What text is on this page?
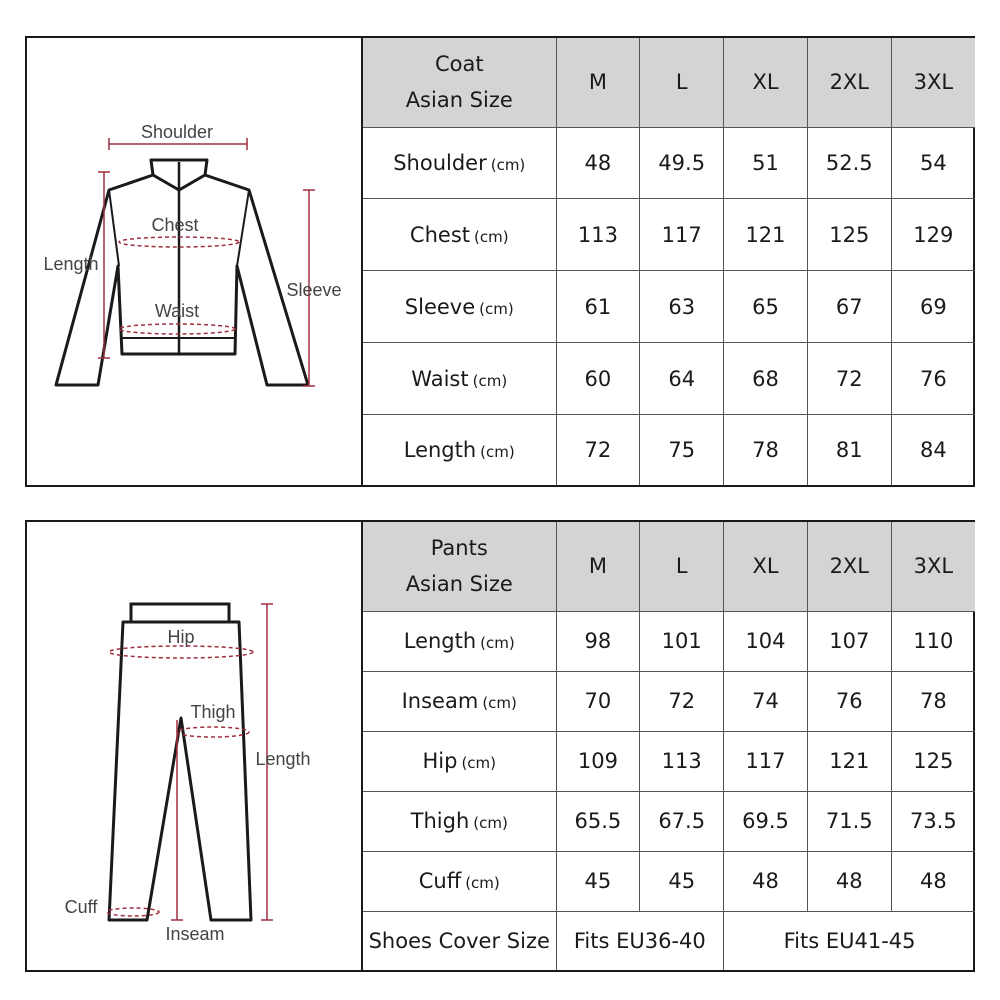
Shoulder
Chest
Waist
Length
Sleeve
Coat
Asian Size	M	L	XL	2XL	3XL
Shoulder (cm)	48	49.5	51	52.5	54
Chest (cm)	113	117	121	125	129
Sleeve (cm)	61	63	65	67	69
Waist (cm)	60	64	68	72	76
Length (cm)	72	75	78	81	84
Hip
Thigh
Length
Inseam
Cuff
Pants
Asian Size	M	L	XL	2XL	3XL
Length (cm)	98	101	104	107	110
Inseam (cm)	70	72	74	76	78
Hip (cm)	109	113	117	121	125
Thigh (cm)	65.5	67.5	69.5	71.5	73.5
Cuff (cm)	45	45	48	48	48
Shoes Cover Size	Fits EU36-40		Fits EU41-45		
